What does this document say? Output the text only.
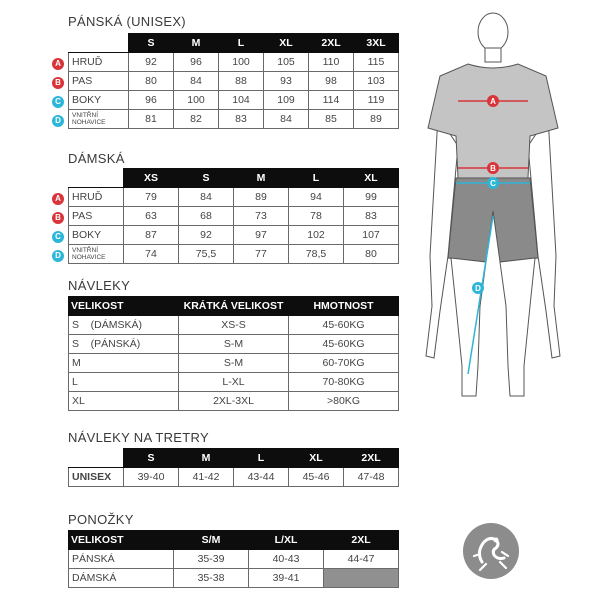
PÁNSKÁ (UNISEX)
A
B
C
D
	S	M	L	XL	2XL	3XL
HRUĎ	92	96	100	105	110	115
PAS	80	84	88	93	98	103
BOKY	96	100	104	109	114	119
VNITŘNÍ NOHAVICE	81	82	83	84	85	89
DÁMSKÁ
A
B
C
D
	XS	S	M	L	XL
HRUĎ	79	84	89	94	99
PAS	63	68	73	78	83
BOKY	87	92	97	102	107
VNITŘNÍ NOHAVICE	74	75,5	77	78,5	80
NÁVLEKY
VELIKOST	KRÁTKÁ VELIKOST	HMOTNOST
S    (DÁMSKÁ)	XS-S	45-60KG
S    (PÁNSKÁ)	S-M	45-60KG
M	S-M	60-70KG
L	L-XL	70-80KG
XL	2XL-3XL	>80KG
NÁVLEKY NA TRETRY
	S	M	L	XL	2XL
UNISEX	39-40	41-42	43-44	45-46	47-48
PONOŽKY
VELIKOST	S/M	L/XL	2XL
PÁNSKÁ	35-39	40-43	44-47
DÁMSKÁ	35-38	39-41	
A
B
C
D
